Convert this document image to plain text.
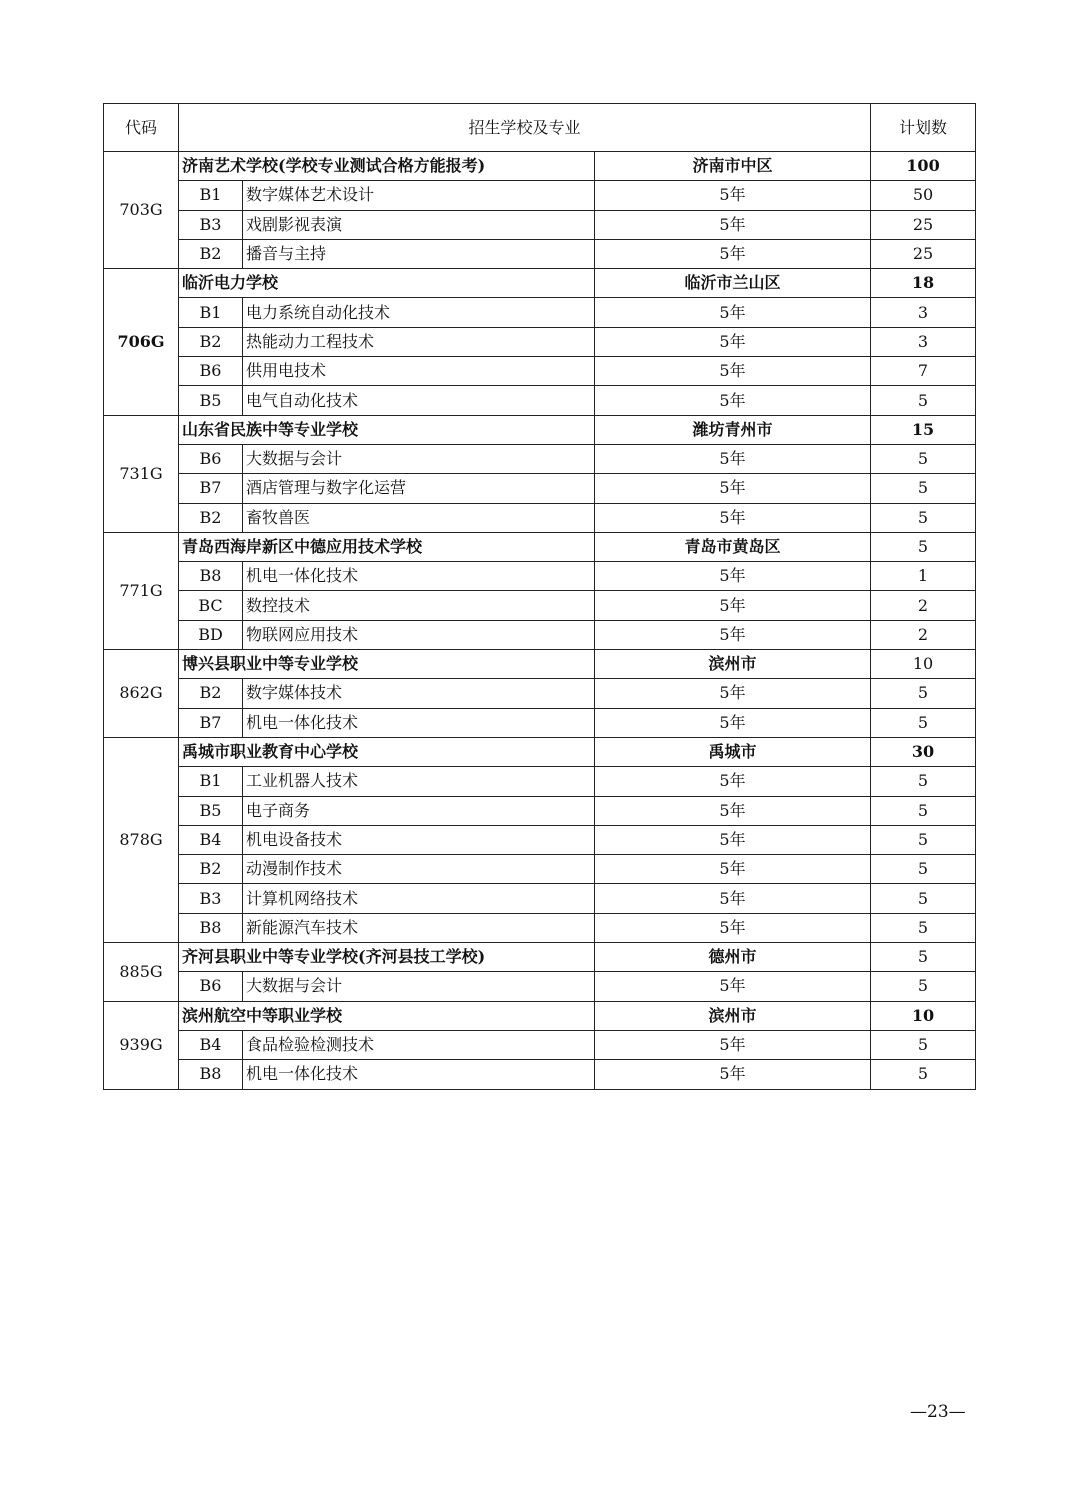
代码	招生学校及专业			计划数
703G	济南艺术学校(学校专业测试合格方能报考)		济南市中区	100
	B1	数字媒体艺术设计	5年	50
	B3	戏剧影视表演	5年	25
	B2	播音与主持	5年	25
706G	临沂电力学校		临沂市兰山区	18
	B1	电力系统自动化技术	5年	3
	B2	热能动力工程技术	5年	3
	B6	供用电技术	5年	7
	B5	电气自动化技术	5年	5
731G	山东省民族中等专业学校		潍坊青州市	15
	B6	大数据与会计	5年	5
	B7	酒店管理与数字化运营	5年	5
	B2	畜牧兽医	5年	5
771G	青岛西海岸新区中德应用技术学校		青岛市黄岛区	5
	B8	机电一体化技术	5年	1
	BC	数控技术	5年	2
	BD	物联网应用技术	5年	2
862G	博兴县职业中等专业学校		滨州市	10
	B2	数字媒体技术	5年	5
	B7	机电一体化技术	5年	5
878G	禹城市职业教育中心学校		禹城市	30
	B1	工业机器人技术	5年	5
	B5	电子商务	5年	5
	B4	机电设备技术	5年	5
	B2	动漫制作技术	5年	5
	B3	计算机网络技术	5年	5
	B8	新能源汽车技术	5年	5
885G	齐河县职业中等专业学校(齐河县技工学校)		德州市	5
	B6	大数据与会计	5年	5
939G	滨州航空中等职业学校		滨州市	10
	B4	食品检验检测技术	5年	5
	B8	机电一体化技术	5年	5
—23—
